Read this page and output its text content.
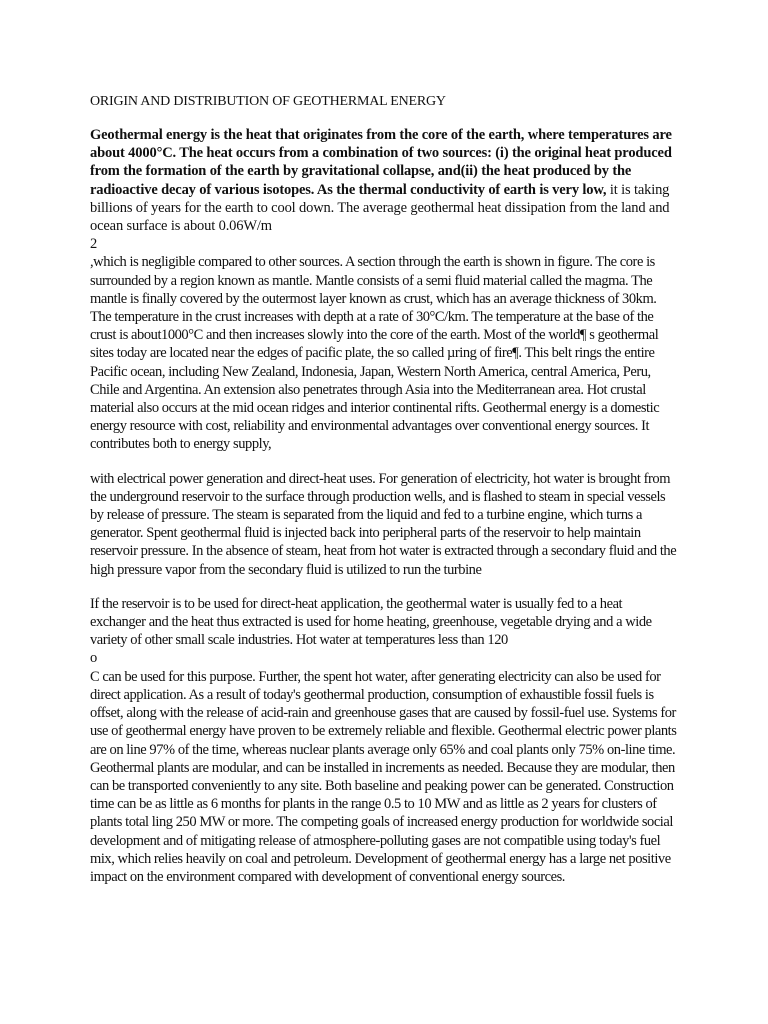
ORIGIN AND DISTRIBUTION OF GEOTHERMAL ENERGY

Geothermal energy is the heat that originates from the core of the earth, where temperatures are about 4000°C. The heat occurs from a combination of two sources: (i) the original heat produced from the formation of the earth by gravitational collapse, and(ii) the heat produced by the radioactive decay of various isotopes. As the thermal conductivity of earth is very low, it is taking billions of years for the earth to cool down. The average geothermal heat dissipation from the land and ocean surface is about 0.06W/m
2
,which is negligible compared to other sources. A section through the earth is shown in figure. The core is surrounded by a region known as mantle. Mantle consists of a semi fluid material called the magma. The mantle is finally covered by the outermost layer known as crust, which has an average thickness of 30km. The temperature in the crust increases with depth at a rate of 30°C/km. The temperature at the base of the crust is about1000°C and then increases slowly into the core of the earth. Most of the world¶ s geothermal sites today are located near the edges of pacific plate, the so called µring of fire¶. This belt rings the entire Pacific ocean, including New Zealand, Indonesia, Japan, Western North America, central America, Peru, Chile and Argentina. An extension also penetrates through Asia into the Mediterranean area. Hot crustal material also occurs at the mid ocean ridges and interior continental rifts. Geothermal energy is a domestic energy resource with cost, reliability and environmental advantages over conventional energy sources. It contributes both to energy supply,

with electrical power generation and direct-heat uses. For generation of electricity, hot water is brought from the underground reservoir to the surface through production wells, and is flashed to steam in special vessels by release of pressure. The steam is separated from the liquid and fed to a turbine engine, which turns a generator. Spent geothermal fluid is injected back into peripheral parts of the reservoir to help maintain reservoir pressure. In the absence of steam, heat from hot water is extracted through a secondary fluid and the high pressure vapor from the secondary fluid is utilized to run the turbine

If the reservoir is to be used for direct-heat application, the geothermal water is usually fed to a heat exchanger and the heat thus extracted is used for home heating, greenhouse, vegetable drying and a wide variety of other small scale industries. Hot water at temperatures less than 120
o
C can be used for this purpose. Further, the spent hot water, after generating electricity can also be used for direct application. As a result of today's geothermal production, consumption of exhaustible fossil fuels is offset, along with the release of acid-rain and greenhouse gases that are caused by fossil-fuel use. Systems for use of geothermal energy have proven to be extremely reliable and flexible. Geothermal electric power plants are on line 97% of the time, whereas nuclear plants average only 65% and coal plants only 75% on-line time. Geothermal plants are modular, and can be installed in increments as needed. Because they are modular, then can be transported conveniently to any site. Both baseline and peaking power can be generated. Construction time can be as little as 6 months for plants in the range 0.5 to 10 MW and as little as 2 years for clusters of plants total ling 250 MW or more. The competing goals of increased energy production for worldwide social development and of mitigating release of atmosphere-polluting gases are not compatible using today's fuel mix, which relies heavily on coal and petroleum. Development of geothermal energy has a large net positive impact on the environment compared with development of conventional energy sources.
